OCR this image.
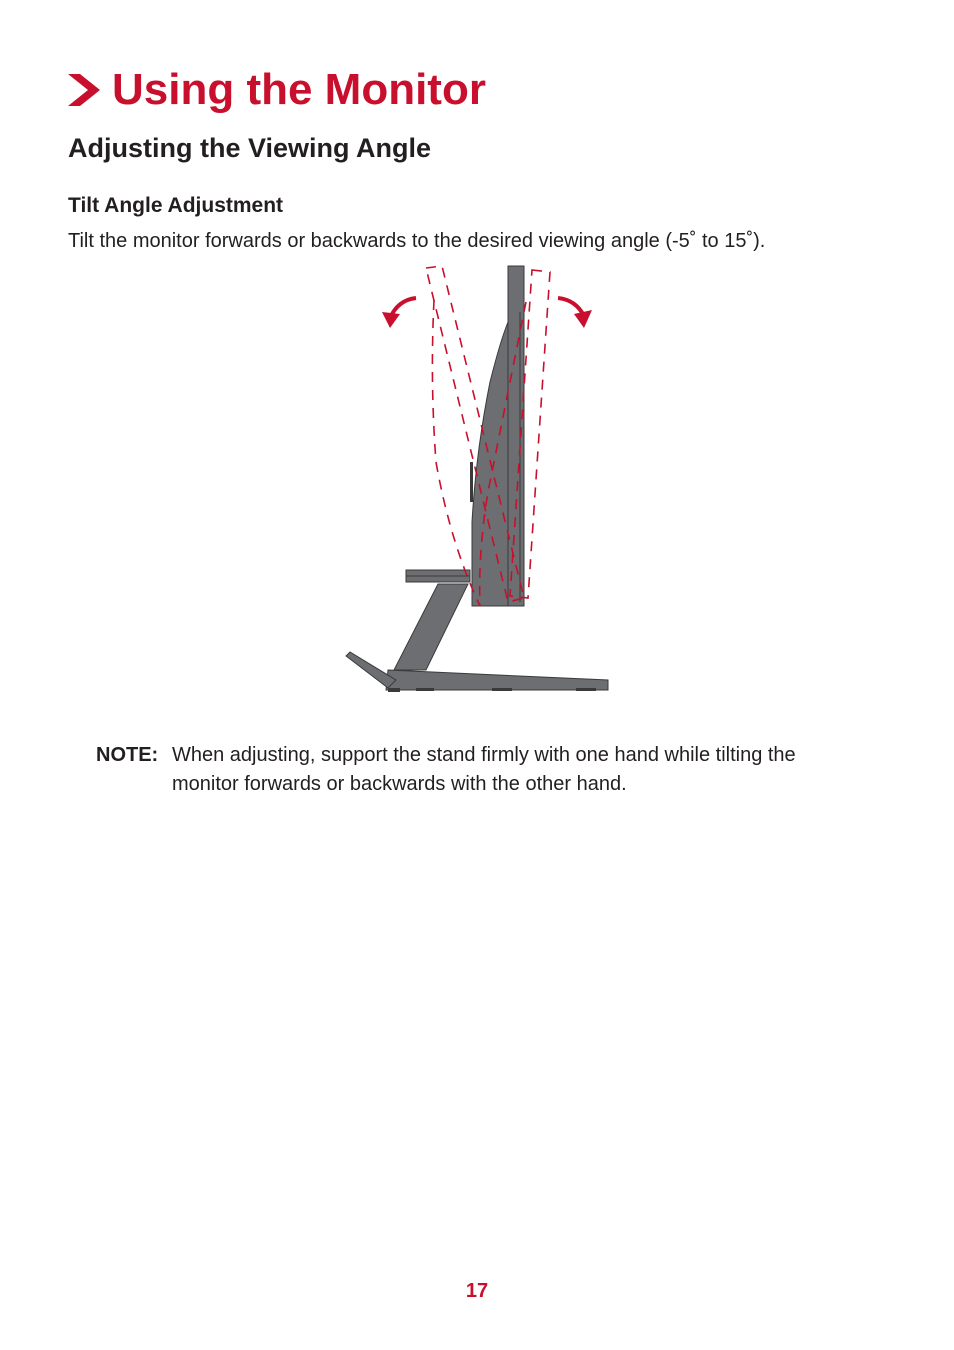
Using the Monitor
Adjusting the Viewing Angle
Tilt Angle Adjustment
Tilt the monitor forwards or backwards to the desired viewing angle (-5˚ to 15˚).
NOTE: When adjusting, support the stand firmly with one hand while tilting the
monitor forwards or backwards with the other hand.
17
